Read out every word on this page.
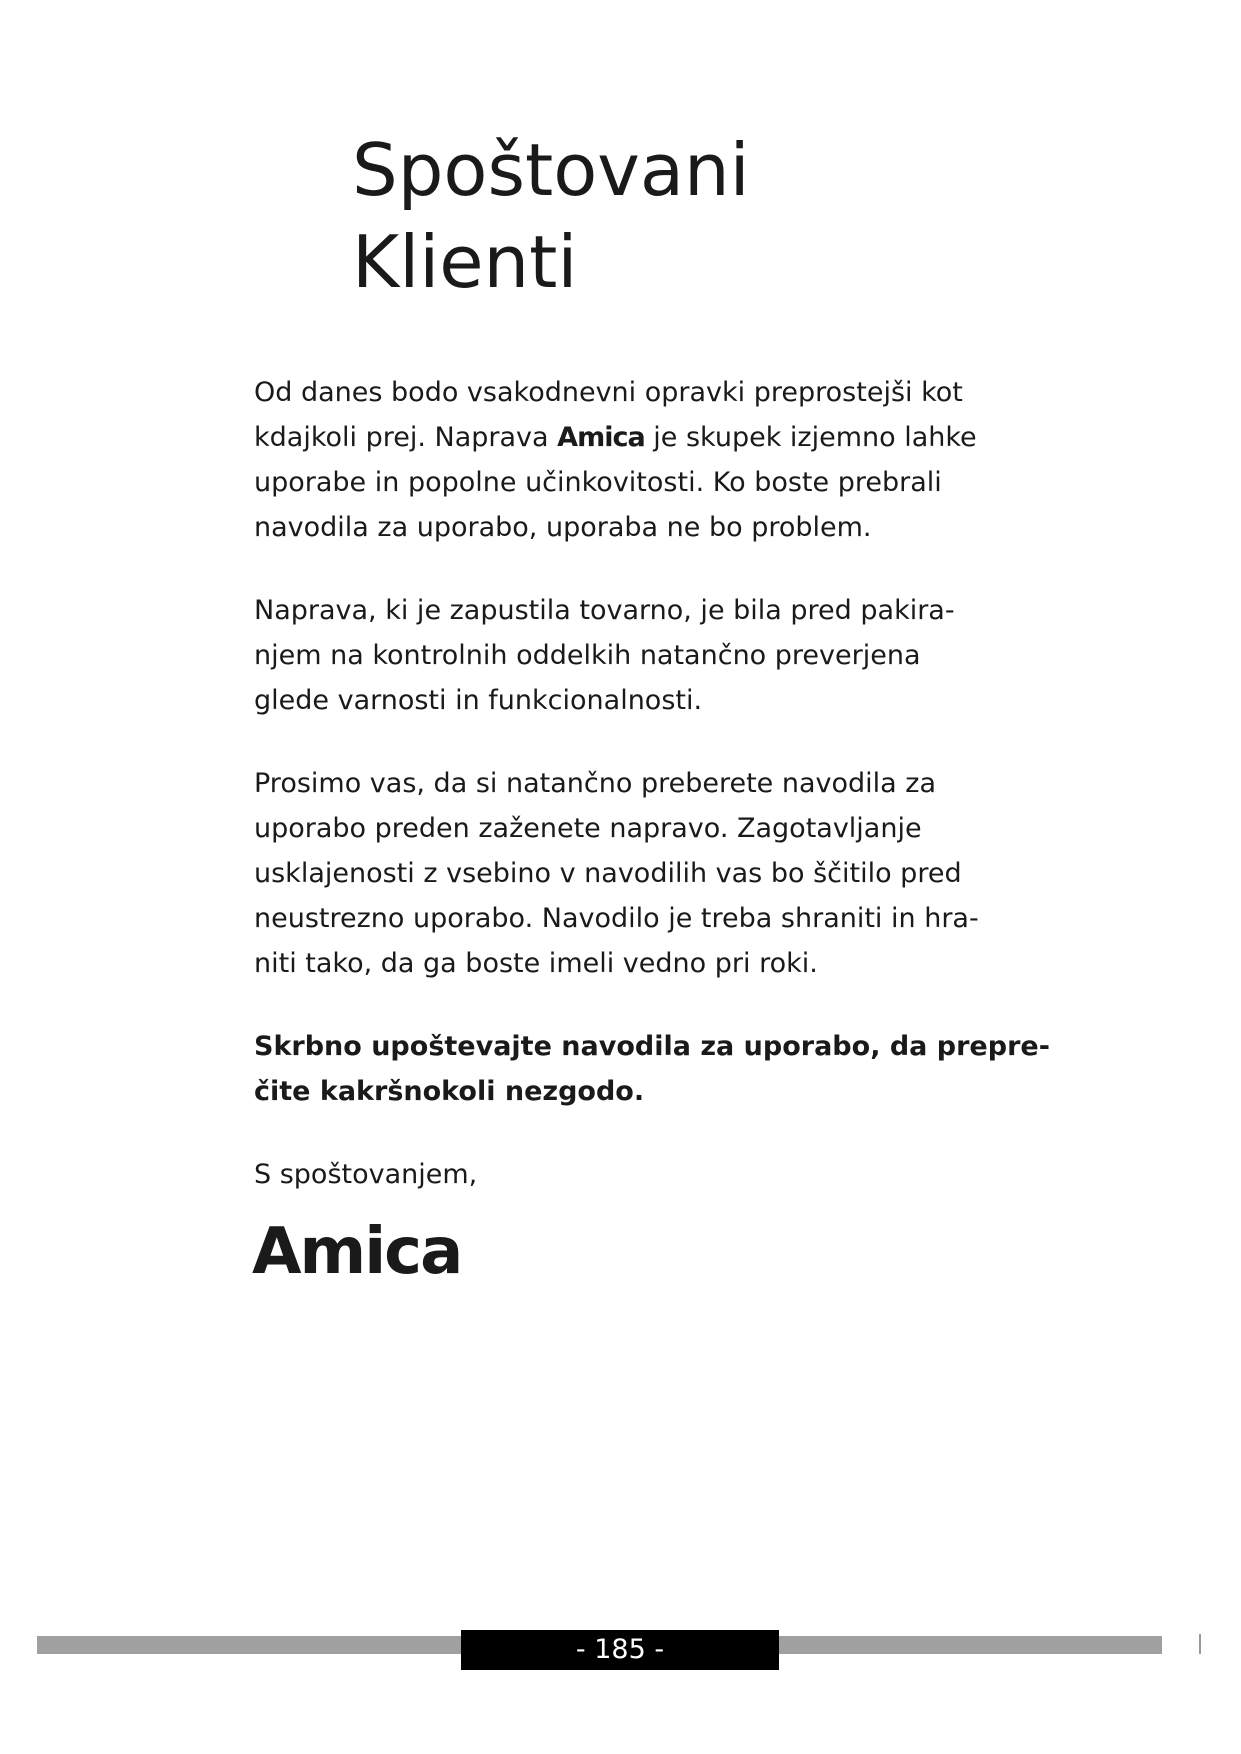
Spoštovani
Klienti

Od danes bodo vsakodnevni opravki preprostejši kot
kdajkoli prej. Naprava Amica je skupek izjemno lahke
uporabe in popolne učinkovitosti. Ko boste prebrali
navodila za uporabo, uporaba ne bo problem.

Naprava, ki je zapustila tovarno, je bila pred pakira-
njem na kontrolnih oddelkih natančno preverjena
glede varnosti in funkcionalnosti.

Prosimo vas, da si natančno preberete navodila za
uporabo preden zaženete napravo. Zagotavljanje
usklajenosti z vsebino v navodilih vas bo ščitilo pred
neustrezno uporabo. Navodilo je treba shraniti in hra-
niti tako, da ga boste imeli vedno pri roki.

Skrbno upoštevajte navodila za uporabo, da prepre-
čite kakršnokoli nezgodo.

S spoštovanjem,

Amica
- 185 -
